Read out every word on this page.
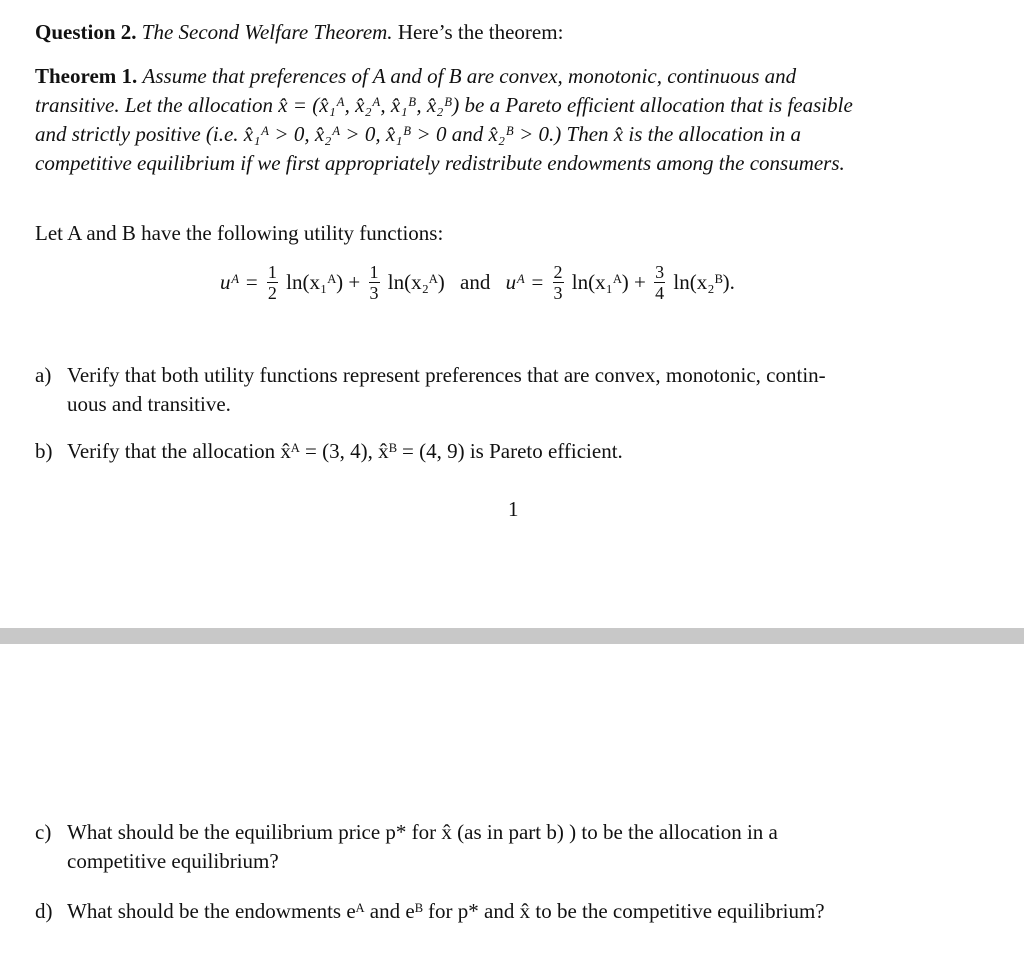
Question 2. The Second Welfare Theorem. Here’s the theorem:
Theorem 1. Assume that preferences of A and of B are convex, monotonic, continuous and
transitive. Let the allocation x̂ = (x̂₁ᴬ, x̂₂ᴬ, x̂₁ᴮ, x̂₂ᴮ) be a Pareto efficient allocation that is feasible
and strictly positive (i.e. x̂₁ᴬ > 0, x̂₂ᴬ > 0, x̂₁ᴮ > 0 and x̂₂ᴮ > 0.) Then x̂ is the allocation in a
competitive equilibrium if we first appropriately redistribute endowments among the consumers.
Let A and B have the following utility functions:
uᴬ = $\frac{1}{2}$ ln(x₁ᴬ) + $\frac{1}{3}$ ln(x₂ᴬ) and uᴬ = $\frac{2}{3}$ ln(x₁ᴬ) + $\frac{3}{4}$ ln(x₂ᴮ).
a) Verify that both utility functions represent preferences that are convex, monotonic, contin-
uous and transitive.
b) Verify that the allocation x̂ᴬ = (3, 4), x̂ᴮ = (4, 9) is Pareto efficient.
1
c) What should be the equilibrium price p* for x̂ (as in part b) ) to be the allocation in a
competitive equilibrium?
d) What should be the endowments eᴬ and eᴮ for p* and x̂ to be the competitive equilibrium?
